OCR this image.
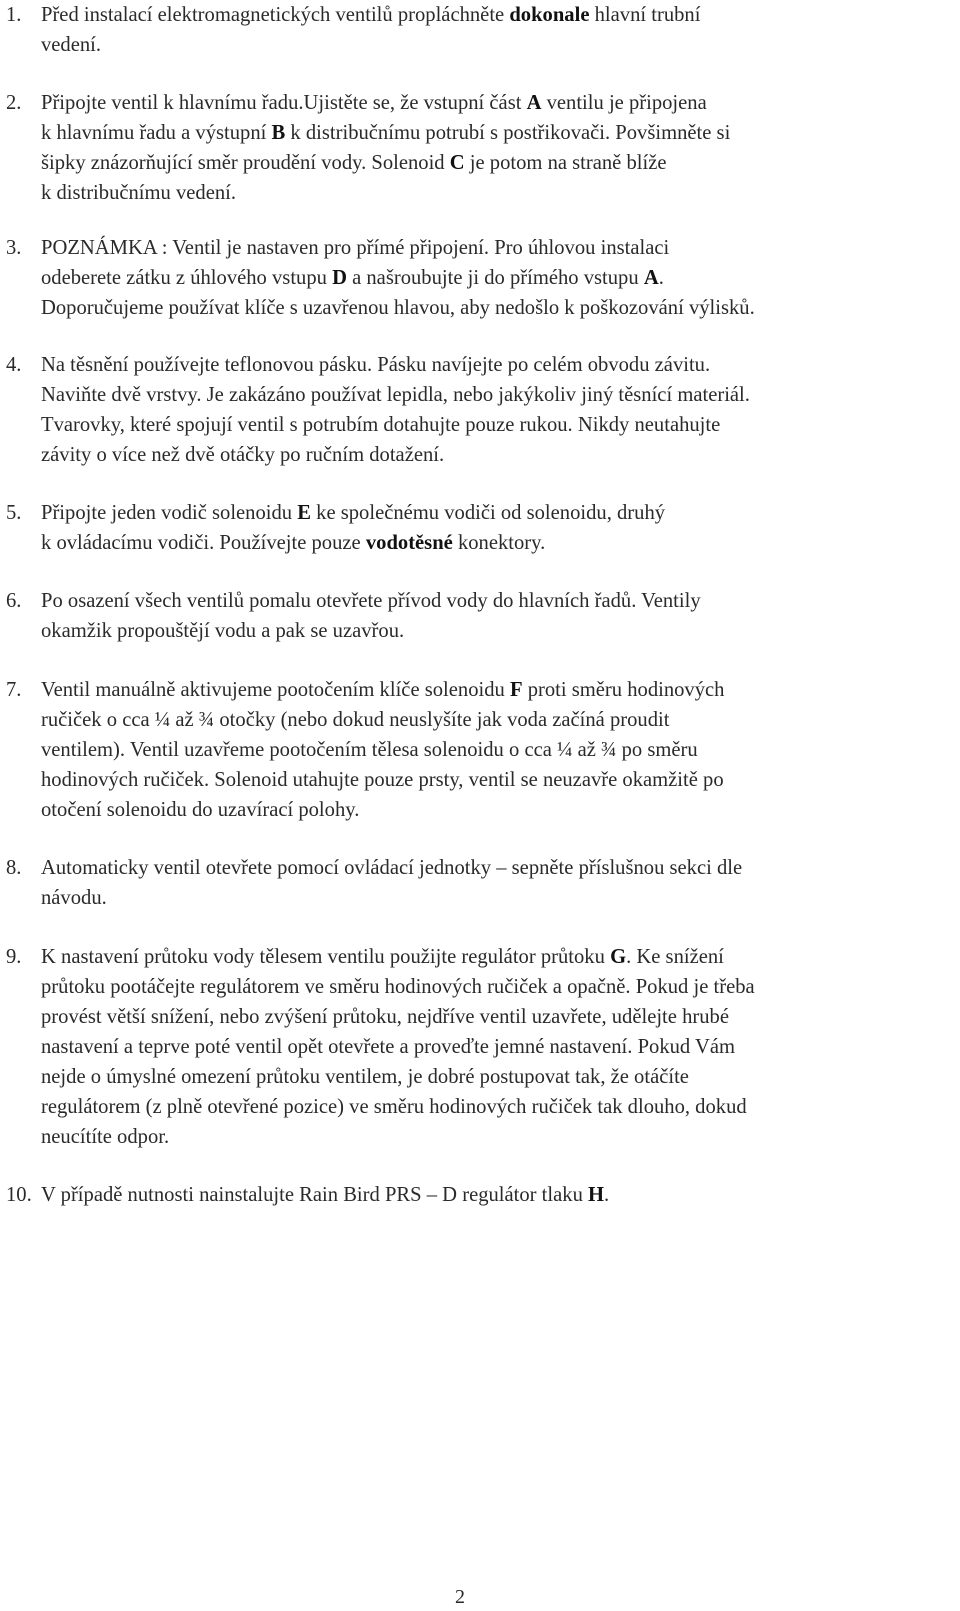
1. Před instalací elektromagnetických ventilů propláchněte dokonale hlavní trubní
vedení.
2. Připojte ventil k hlavnímu řadu.Ujistěte se, že vstupní část A ventilu je připojena
k hlavnímu řadu a výstupní B k distribučnímu potrubí s postřikovači. Povšimněte si
šipky znázorňující směr proudění vody. Solenoid C je potom na straně blíže
k distribučnímu vedení.
3. POZNÁMKA : Ventil je nastaven pro přímé připojení. Pro úhlovou instalaci
odeberete zátku z úhlového vstupu D a našroubujte ji do přímého vstupu A.
Doporučujeme používat klíče s uzavřenou hlavou, aby nedošlo k poškozování výlisků.
4. Na těsnění používejte teflonovou pásku. Pásku navíjejte po celém obvodu závitu.
Naviňte dvě vrstvy. Je zakázáno používat lepidla, nebo jakýkoliv jiný těsnící materiál.
Tvarovky, které spojují ventil s potrubím dotahujte pouze rukou. Nikdy neutahujte
závity o více než dvě otáčky po ručním dotažení.
5. Připojte jeden vodič solenoidu E ke společnému vodiči od solenoidu, druhý
k ovládacímu vodiči. Používejte pouze vodotěsné konektory.
6. Po osazení všech ventilů pomalu otevřete přívod vody do hlavních řadů. Ventily
okamžik propouštějí vodu a pak se uzavřou.
7. Ventil manuálně aktivujeme pootočením klíče solenoidu F proti směru hodinových
ručiček o cca ¼ až ¾ otočky (nebo dokud neuslyšíte jak voda začíná proudit
ventilem). Ventil uzavřeme pootočením tělesa solenoidu o cca ¼ až ¾ po směru
hodinových ručiček. Solenoid utahujte pouze prsty, ventil se neuzavře okamžitě po
otočení solenoidu do uzavírací polohy.
8. Automaticky ventil otevřete pomocí ovládací jednotky – sepněte příslušnou sekci dle
návodu.
9. K nastavení průtoku vody tělesem ventilu použijte regulátor průtoku G. Ke snížení
průtoku pootáčejte regulátorem ve směru hodinových ručiček a opačně. Pokud je třeba
provést větší snížení, nebo zvýšení průtoku, nejdříve ventil uzavřete, udělejte hrubé
nastavení a teprve poté ventil opět otevřete a proveďte jemné nastavení. Pokud Vám
nejde o úmyslné omezení průtoku ventilem, je dobré postupovat tak, že otáčíte
regulátorem (z plně otevřené pozice) ve směru hodinových ručiček tak dlouho, dokud
neucítíte odpor.
10. V případě nutnosti nainstalujte Rain Bird PRS – D regulátor tlaku H.
2
